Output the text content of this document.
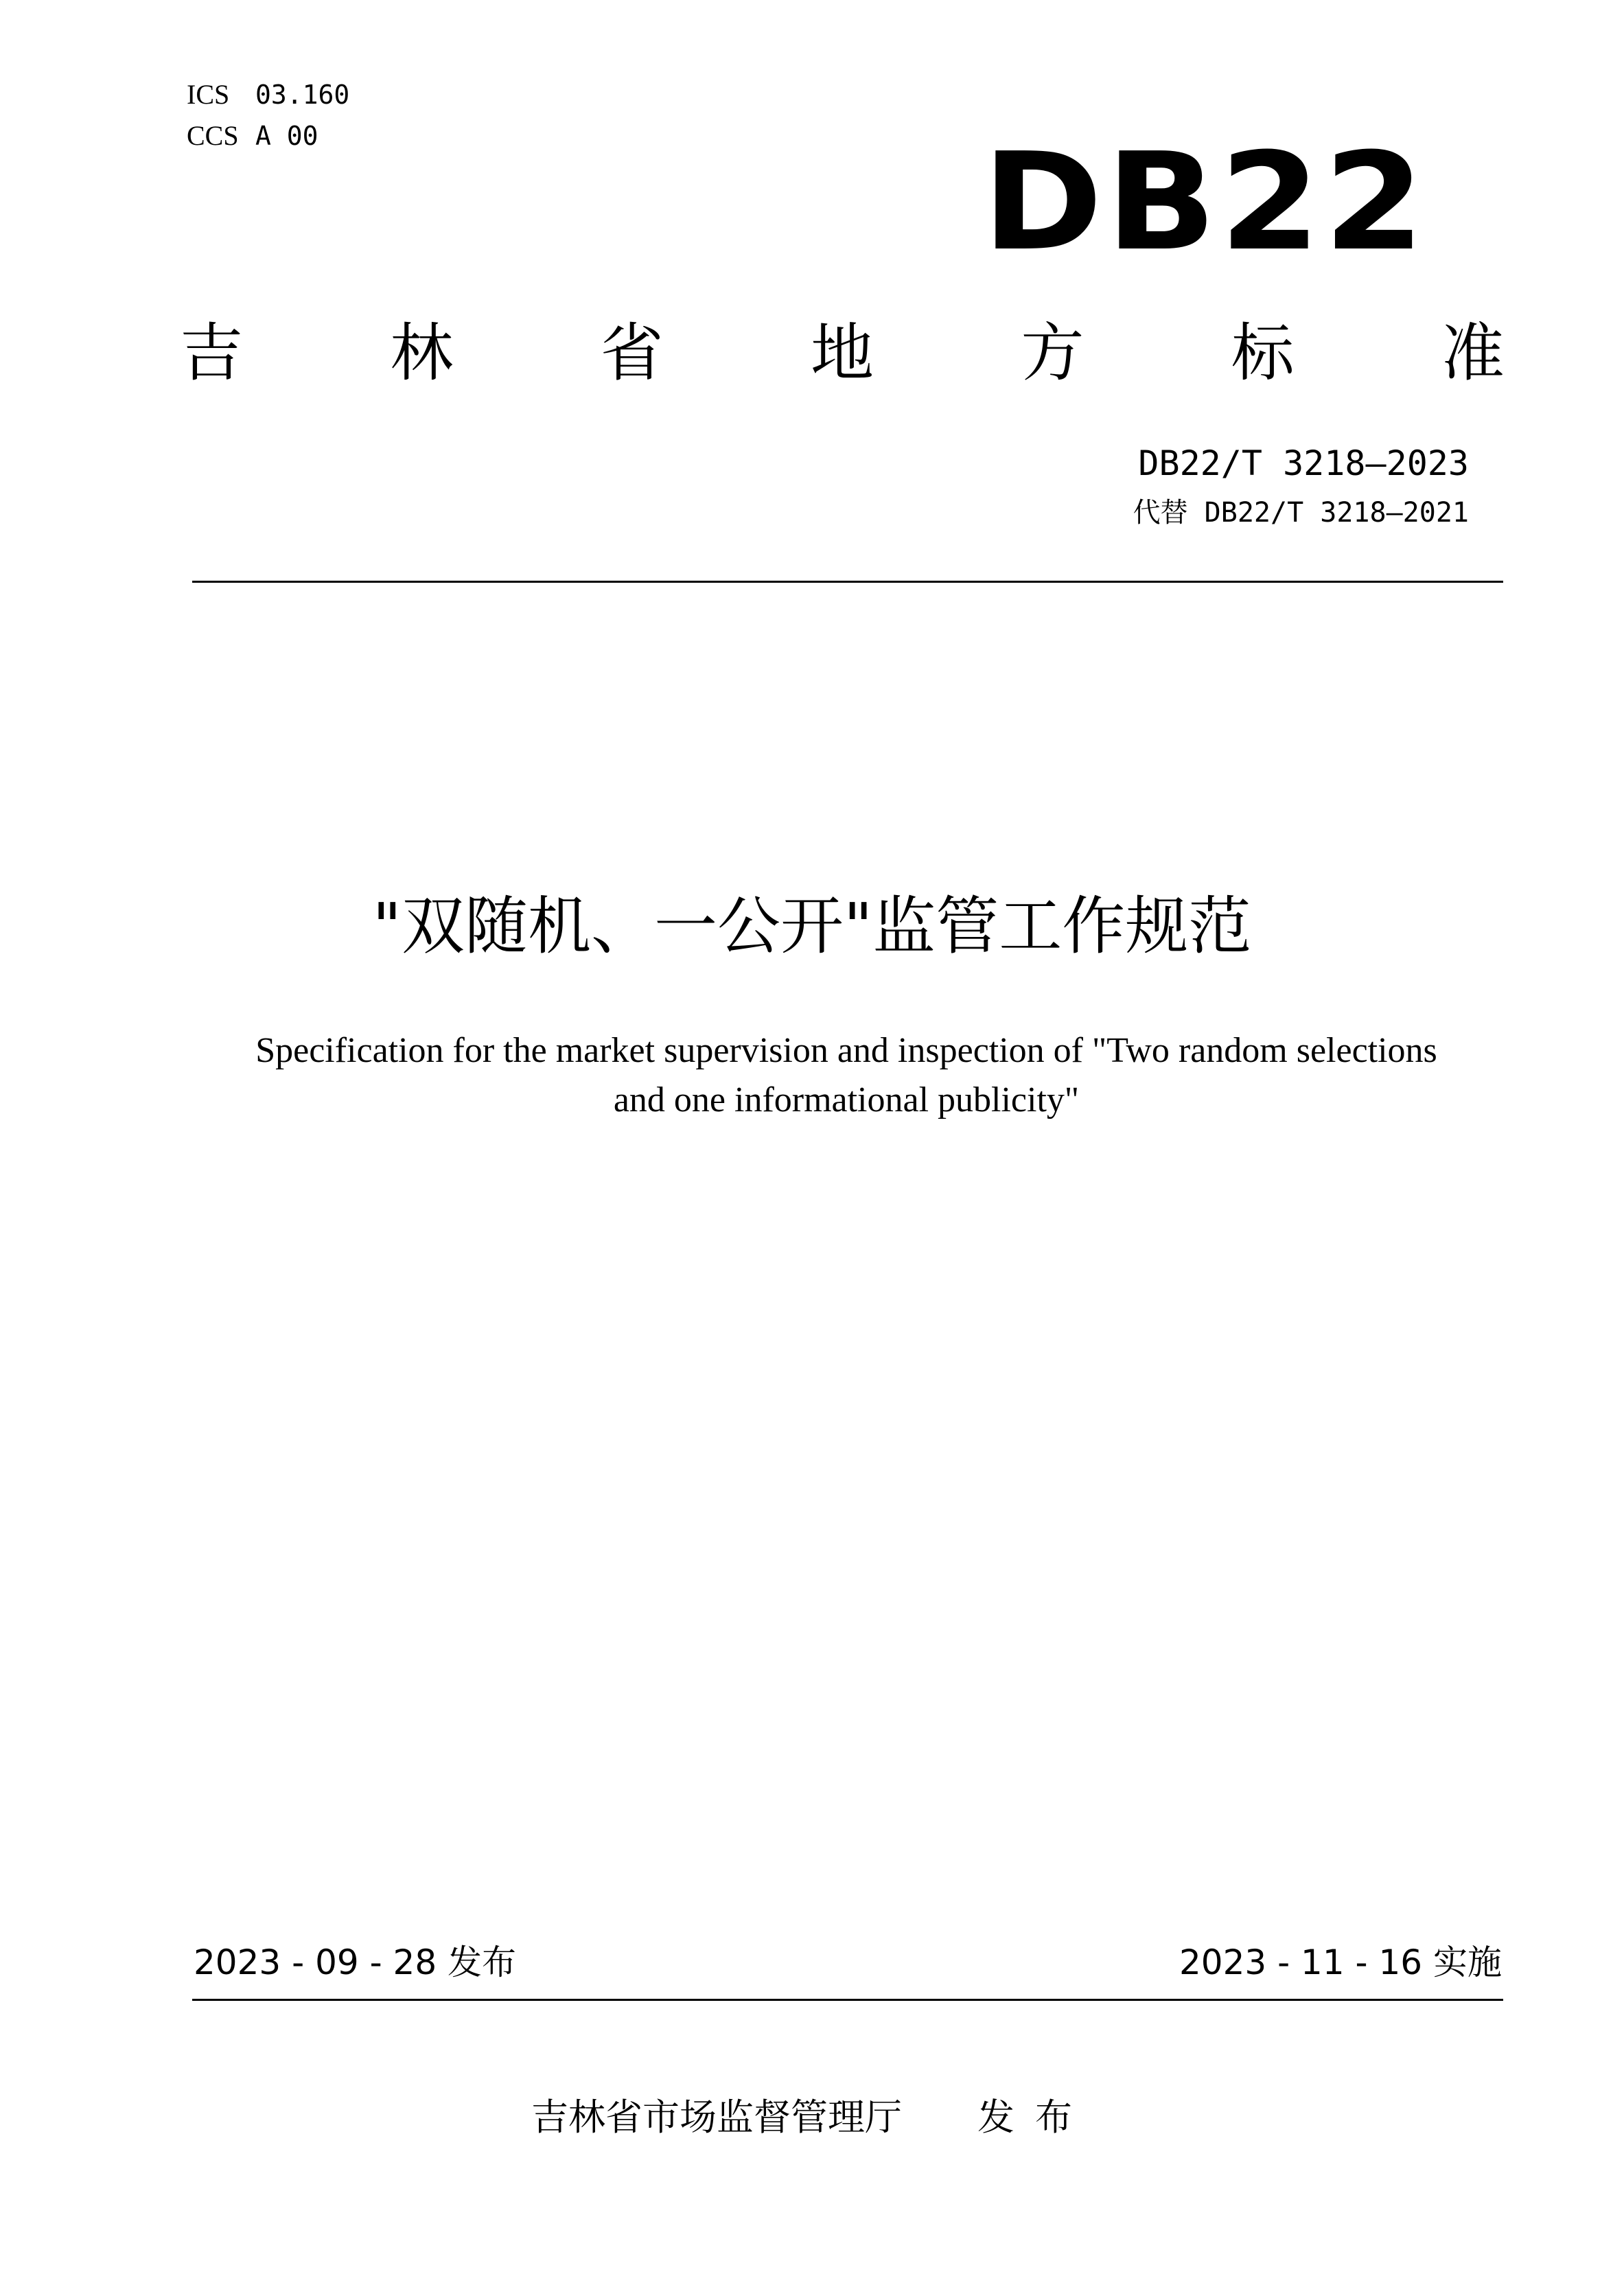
ICS 03.160
CCS A 00	DB22
吉 林 省 地 方 标 准
DB22/T 3218—2023
代替 DB22/T 3218—2021
"双随机、一公开"监管工作规范
Specification for the market supervision and inspection of "Two random selections
and one informational publicity"
2023 - 09 - 28 发布	2023 - 11 - 16 实施
吉林省市场监督管理厅 发布
